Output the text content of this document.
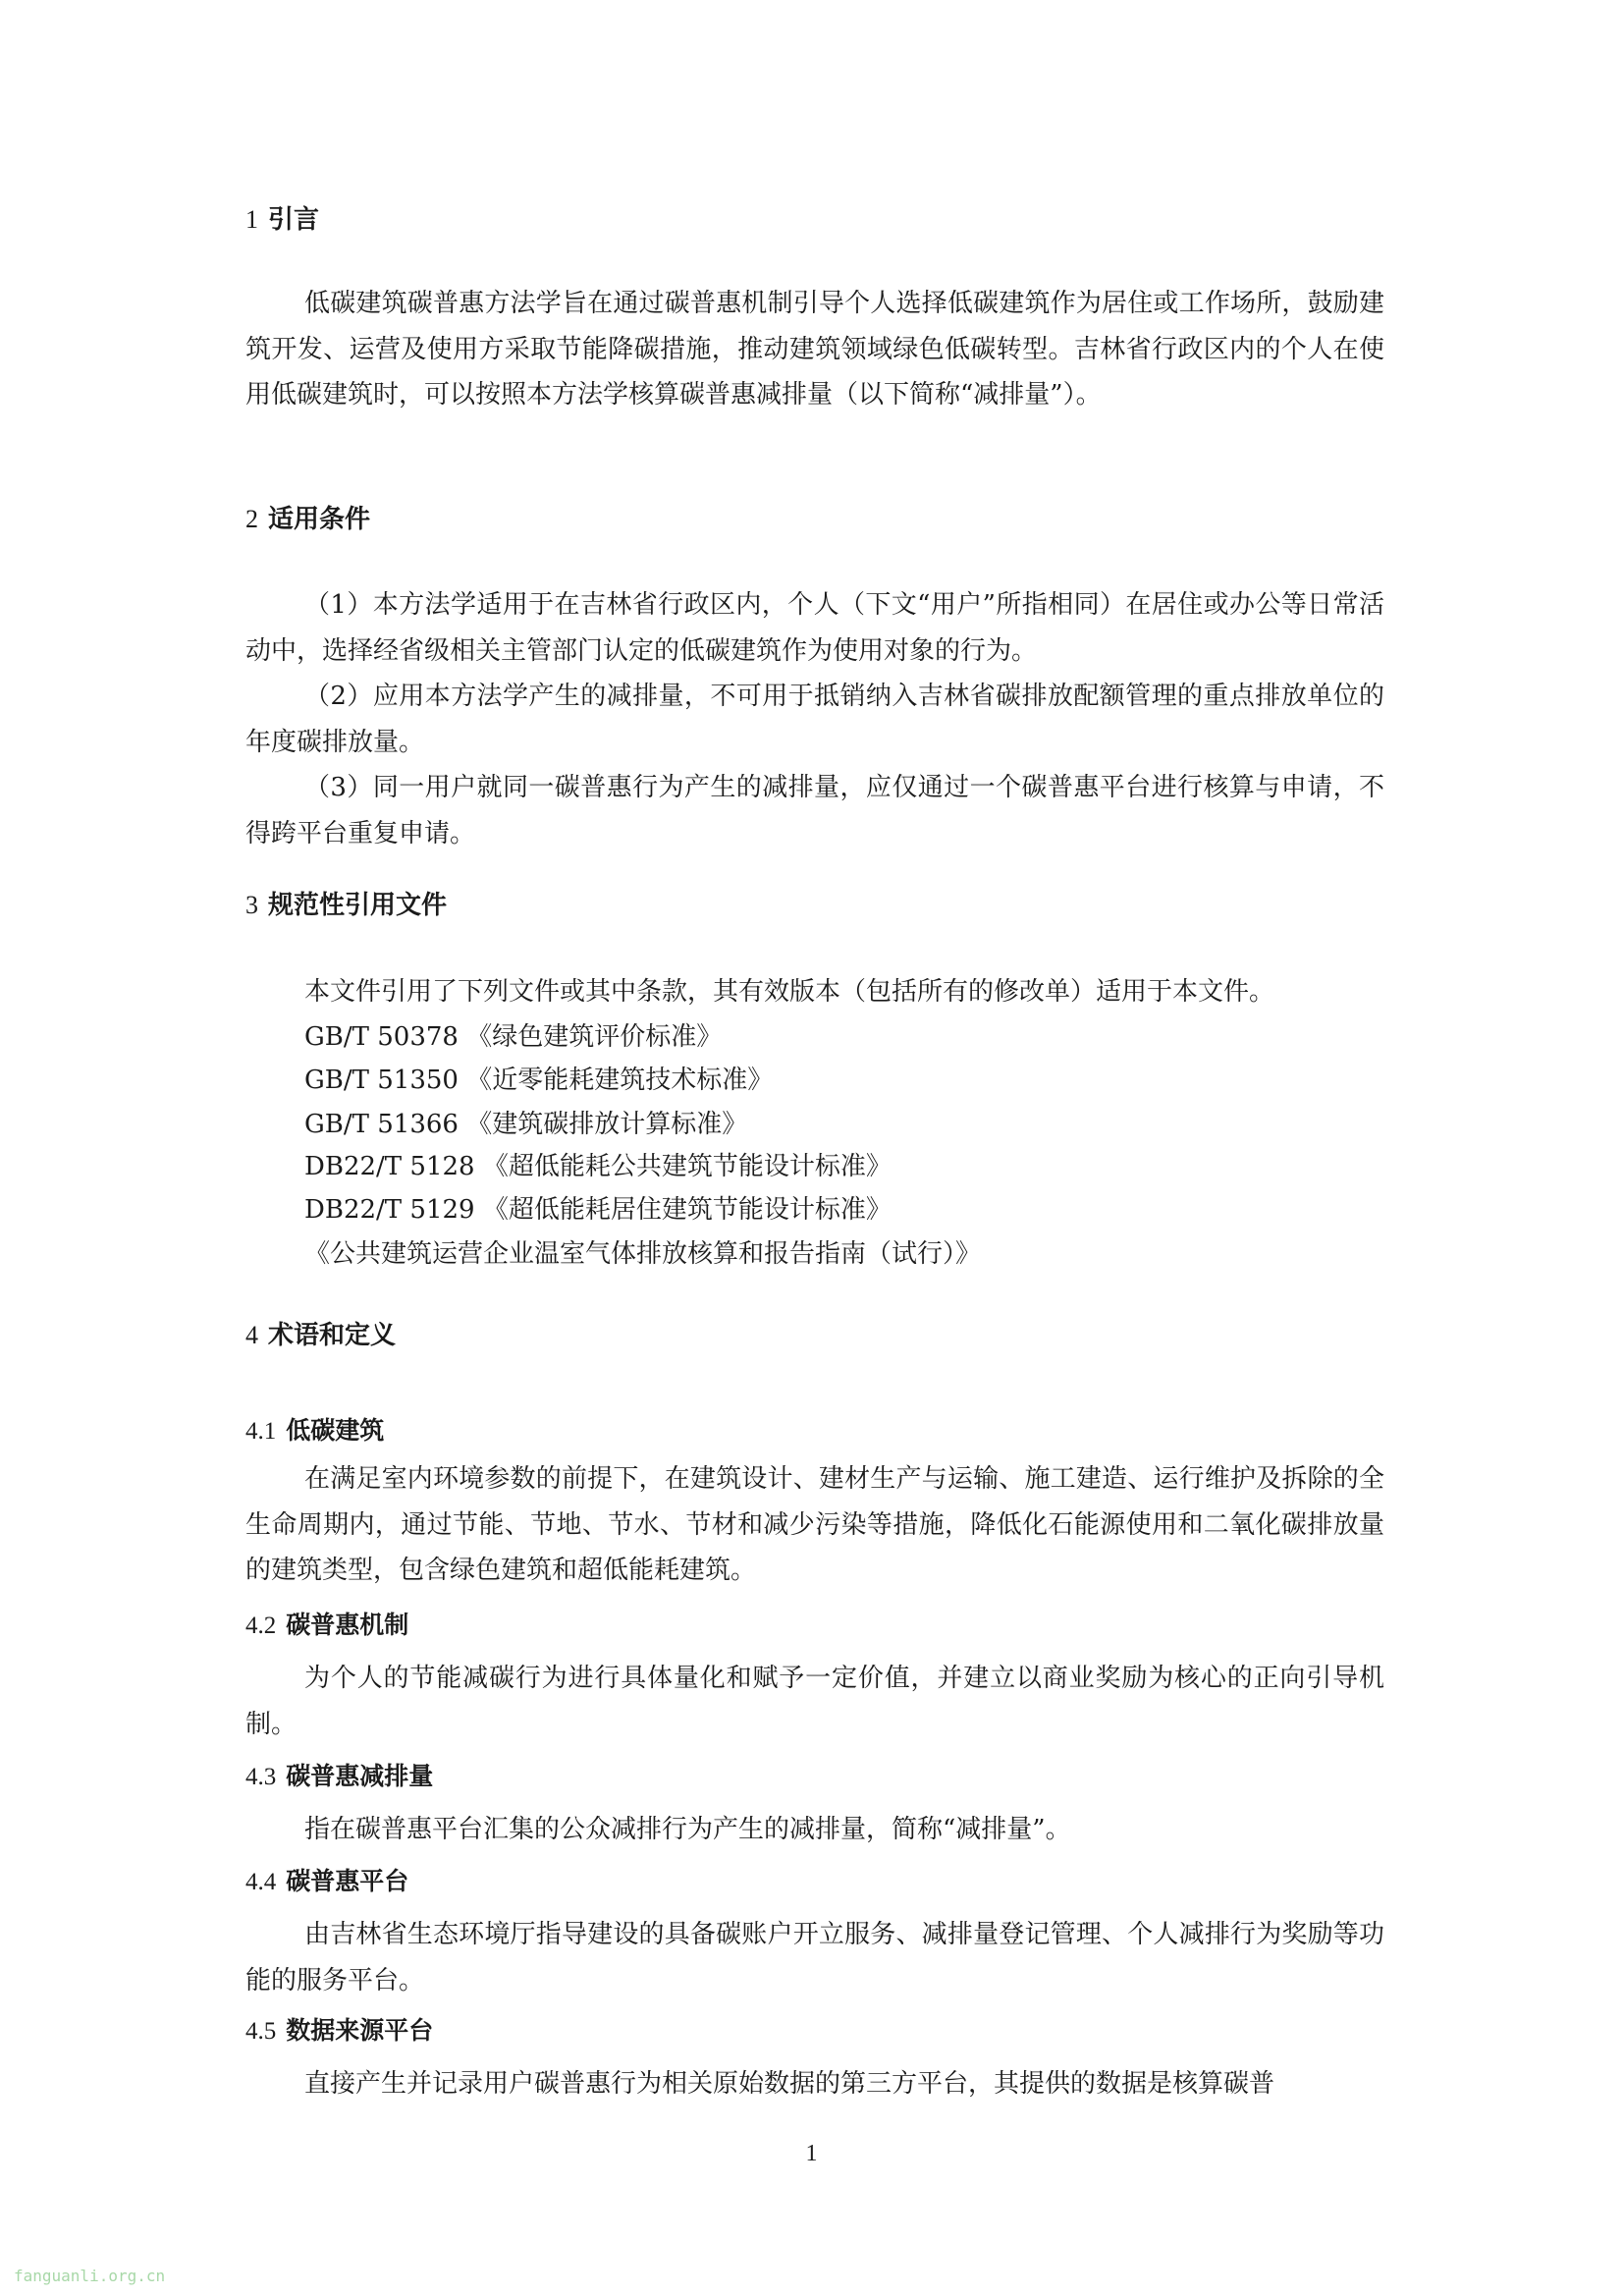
1 引言

低碳建筑碳普惠方法学旨在通过碳普惠机制引导个人选择低碳建筑作为居住或工作场所，鼓励建筑开发、运营及使用方采取节能降碳措施，推动建筑领域绿色低碳转型。吉林省行政区内的个人在使用低碳建筑时，可以按照本方法学核算碳普惠减排量（以下简称“减排量”）。

2 适用条件

（1）本方法学适用于在吉林省行政区内，个人（下文“用户”所指相同）在居住或办公等日常活动中，选择经省级相关主管部门认定的低碳建筑作为使用对象的行为。

（2）应用本方法学产生的减排量，不可用于抵销纳入吉林省碳排放配额管理的重点排放单位的年度碳排放量。

（3）同一用户就同一碳普惠行为产生的减排量，应仅通过一个碳普惠平台进行核算与申请，不得跨平台重复申请。

3 规范性引用文件
本文件引用了下列文件或其中条款，其有效版本（包括所有的修改单）适用于本文件。
GB/T 50378 《绿色建筑评价标准》
GB/T 51350 《近零能耗建筑技术标准》
GB/T 51366 《建筑碳排放计算标准》
DB22/T 5128 《超低能耗公共建筑节能设计标准》
DB22/T 5129 《超低能耗居住建筑节能设计标准》
《公共建筑运营企业温室气体排放核算和报告指南（试行）》
4 术语和定义
4.1 低碳建筑

在满足室内环境参数的前提下，在建筑设计、建材生产与运输、施工建造、运行维护及拆除的全生命周期内，通过节能、节地、节水、节材和减少污染等措施，降低化石能源使用和二氧化碳排放量的建筑类型，包含绿色建筑和超低能耗建筑。

4.2 碳普惠机制

为个人的节能减碳行为进行具体量化和赋予一定价值，并建立以商业奖励为核心的正向引导机制。

4.3 碳普惠减排量

指在碳普惠平台汇集的公众减排行为产生的减排量，简称“减排量”。

4.4 碳普惠平台

由吉林省生态环境厅指导建设的具备碳账户开立服务、减排量登记管理、个人减排行为奖励等功能的服务平台。

4.5 数据来源平台

直接产生并记录用户碳普惠行为相关原始数据的第三方平台，其提供的数据是核算碳普

1
fanguanli.org.cn
